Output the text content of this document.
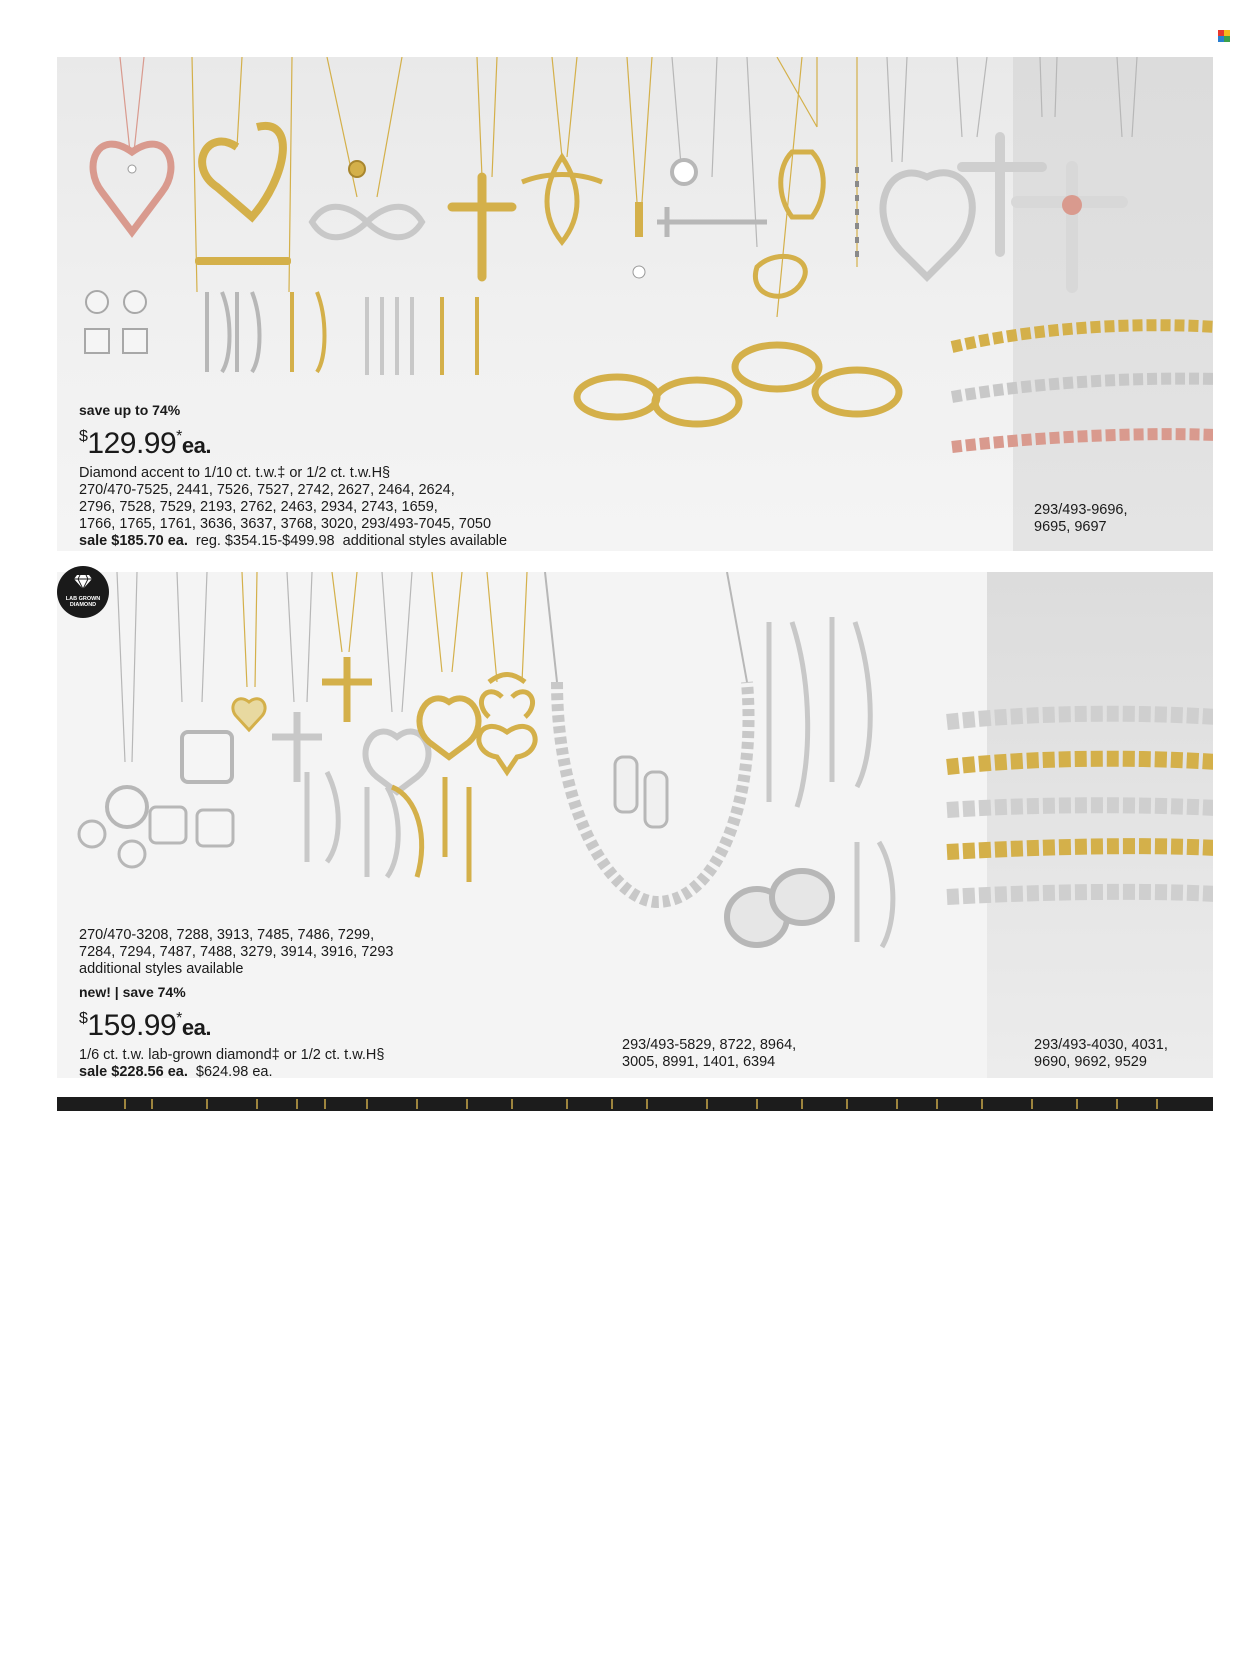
save up to 74%
$129.99*ea.
Diamond accent to 1/10 ct. t.w.‡ or 1/2 ct. t.w.H§
270/470-7525, 2441, 7526, 7527, 2742, 2627, 2464, 2624,
2796, 7528, 7529, 2193, 2762, 2463, 2934, 2743, 1659,
1766, 1765, 1761, 3636, 3637, 3768, 3020, 293/493-7045, 7050
sale $185.70 ea. reg. $354.15-$499.98 additional styles available
293/493-9696,
9695, 9697
LAB GROWN
DIAMOND
270/470-3208, 7288, 3913, 7485, 7486, 7299,
7284, 7294, 7487, 7488, 3279, 3914, 3916, 7293
additional styles available
new! | save 74%
$159.99*ea.
1/6 ct. t.w. lab-grown diamond‡ or 1/2 ct. t.w.H§
sale $228.56 ea. $624.98 ea.
293/493-5829, 8722, 8964,
3005, 8991, 1401, 6394
293/493-4030, 4031,
9690, 9692, 9529
